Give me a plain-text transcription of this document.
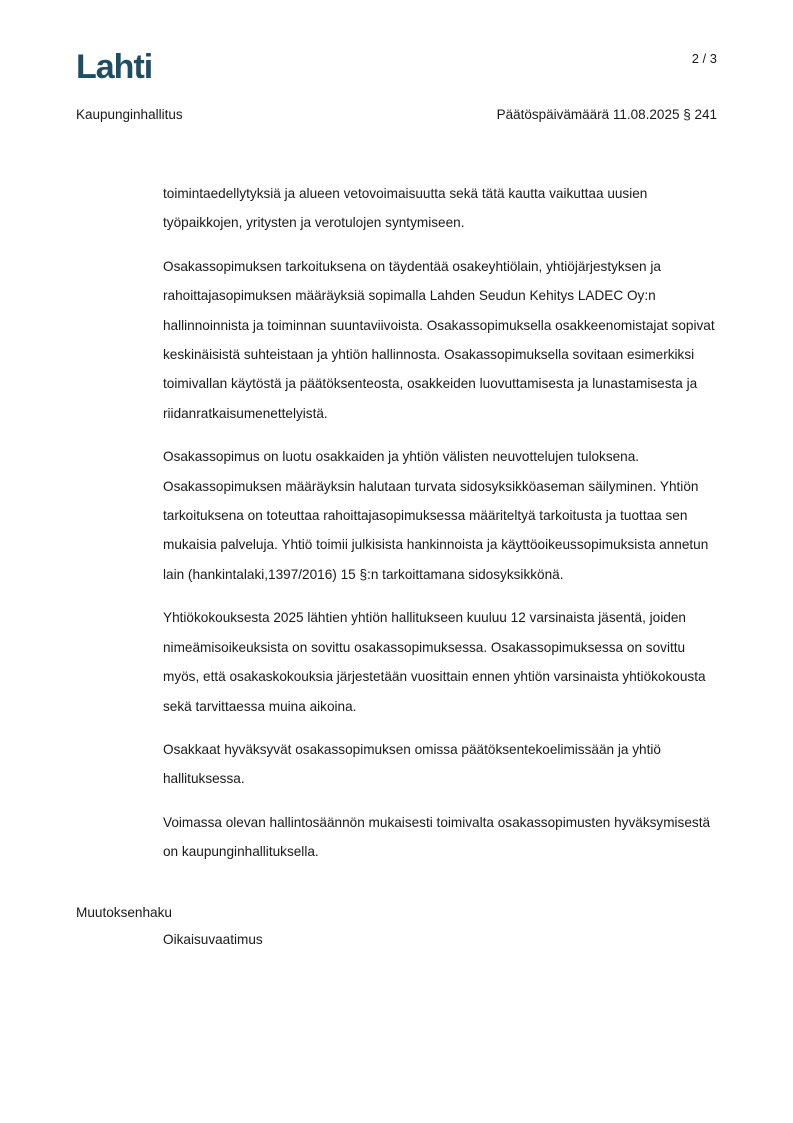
Lahti	2 / 3
Kaupunginhallitus	Päätöspäivämäärä 11.08.2025 § 241

toimintaedellytyksiä ja alueen vetovoimaisuutta sekä tätä kautta vaikuttaa uusien työpaikkojen, yritysten ja verotulojen syntymiseen.

Osakassopimuksen tarkoituksena on täydentää osakeyhtiölain, yhtiöjärjestyksen ja rahoittajasopimuksen määräyksiä sopimalla Lahden Seudun Kehitys LADEC Oy:n hallinnoinnista ja toiminnan suuntaviivoista. Osakassopimuksella osakkeenomistajat sopivat keskinäisistä suhteistaan ja yhtiön hallinnosta. Osakassopimuksella sovitaan esimerkiksi toimivallan käytöstä ja päätöksenteosta, osakkeiden luovuttamisesta ja lunastamisesta ja riidanratkaisumenettelyistä.

Osakassopimus on luotu osakkaiden ja yhtiön välisten neuvottelujen tuloksena. Osakassopimuksen määräyksin halutaan turvata sidosyksikköaseman säilyminen. Yhtiön tarkoituksena on toteuttaa rahoittajasopimuksessa määriteltyä tarkoitusta ja tuottaa sen mukaisia palveluja. Yhtiö toimii julkisista hankinnoista ja käyttöoikeussopimuksista annetun lain (hankintalaki,1397/2016) 15 §:n tarkoittamana sidosyksikkönä.

Yhtiökokouksesta 2025 lähtien yhtiön hallitukseen kuuluu 12 varsinaista jäsentä, joiden nimeämisoikeuksista on sovittu osakassopimuksessa. Osakassopimuksessa on sovittu myös, että osakaskokouksia järjestetään vuosittain ennen yhtiön varsinaista yhtiökokousta sekä tarvittaessa muina aikoina.

Osakkaat hyväksyvät osakassopimuksen omissa päätöksentekoelimissään ja yhtiö hallituksessa.

Voimassa olevan hallintosäännön mukaisesti toimivalta osakassopimusten hyväksymisestä on kaupunginhallituksella.

Muutoksenhaku
Oikaisuvaatimus
